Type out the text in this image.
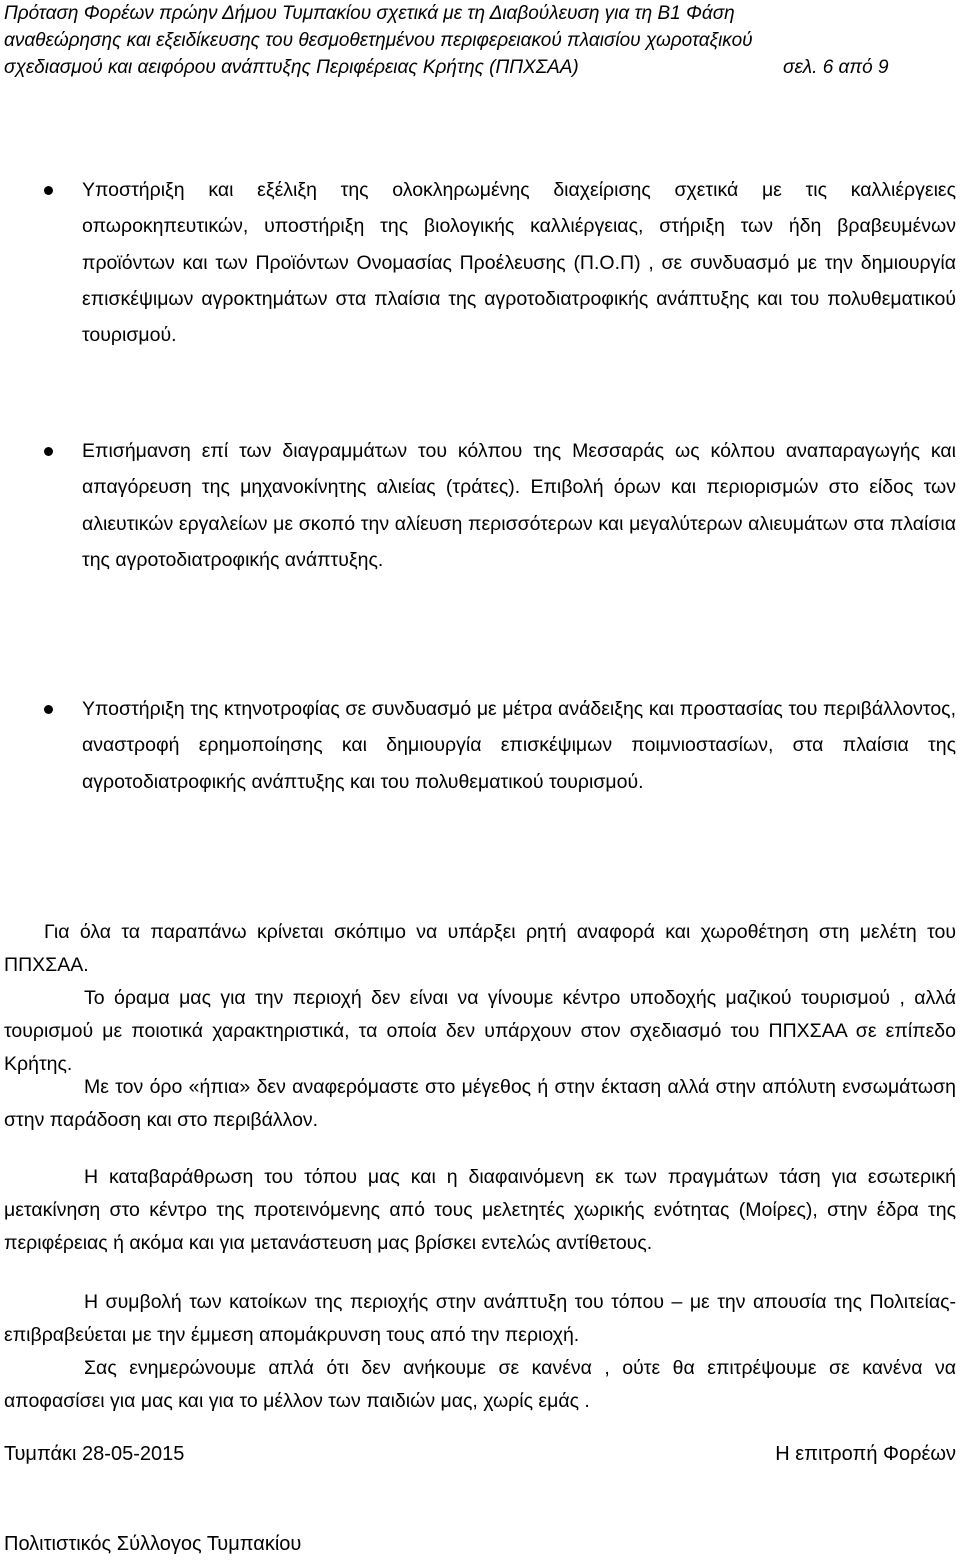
Πρόταση Φορέων πρώην Δήμου Τυμπακίου σχετικά με τη Διαβούλευση για τη Β1 Φάση
αναθεώρησης και εξειδίκευσης του θεσμοθετημένου περιφερειακού πλαισίου χωροταξικού
σχεδιασμού και αειφόρου ανάπτυξης Περιφέρειας Κρήτης (ΠΠΧΣΑΑ)	σελ. 6 από 9
Υποστήριξη και εξέλιξη της ολοκληρωμένης διαχείρισης σχετικά με τις καλλιέργειες οπωροκηπευτικών, υποστήριξη της βιολογικής καλλιέργειας, στήριξη των ήδη βραβευμένων προϊόντων και των Προϊόντων Ονομασίας Προέλευσης (Π.Ο.Π) , σε συνδυασμό με την δημιουργία επισκέψιμων αγροκτημάτων στα πλαίσια της αγροτοδιατροφικής ανάπτυξης και του πολυθεματικού τουρισμού.
Επισήμανση επί των διαγραμμάτων του κόλπου της Μεσσαράς ως κόλπου αναπαραγωγής και απαγόρευση της μηχανοκίνητης αλιείας (τράτες). Επιβολή όρων και περιορισμών στο είδος των αλιευτικών εργαλείων με σκοπό την αλίευση περισσότερων και μεγαλύτερων αλιευμάτων στα πλαίσια της αγροτοδιατροφικής ανάπτυξης.
Υποστήριξη της κτηνοτροφίας σε συνδυασμό με μέτρα ανάδειξης και προστασίας του περιβάλλοντος, αναστροφή ερημοποίησης και δημιουργία επισκέψιμων ποιμνιοστασίων, στα πλαίσια της αγροτοδιατροφικής ανάπτυξης και του πολυθεματικού τουρισμού.
Για όλα τα παραπάνω κρίνεται σκόπιμο να υπάρξει ρητή αναφορά και χωροθέτηση στη μελέτη του ΠΠΧΣΑΑ.
Το όραμα μας για την περιοχή δεν είναι να γίνουμε κέντρο υποδοχής μαζικού τουρισμού , αλλά τουρισμού με ποιοτικά χαρακτηριστικά, τα οποία δεν υπάρχουν στον σχεδιασμό του ΠΠΧΣΑΑ σε επίπεδο Κρήτης.
Με τον όρο «ήπια» δεν αναφερόμαστε στο μέγεθος ή στην έκταση αλλά στην απόλυτη ενσωμάτωση στην παράδοση και στο περιβάλλον.
Η καταβαράθρωση του τόπου μας και η διαφαινόμενη εκ των πραγμάτων τάση για εσωτερική μετακίνηση στο κέντρο της προτεινόμενης από τους μελετητές χωρικής ενότητας (Μοίρες), στην έδρα της περιφέρειας ή ακόμα και για μετανάστευση μας βρίσκει εντελώς αντίθετους.
Η συμβολή των κατοίκων της περιοχής στην ανάπτυξη του τόπου – με την απουσία της Πολιτείας- επιβραβεύεται με την έμμεση απομάκρυνση τους από την περιοχή.
Σας ενημερώνουμε απλά ότι δεν ανήκουμε σε κανένα , ούτε θα επιτρέψουμε σε κανένα να αποφασίσει για μας και για το μέλλον των παιδιών μας, χωρίς εμάς .
Τυμπάκι 28-05-2015	Η επιτροπή Φορέων
Πολιτιστικός Σύλλογος Τυμπακίου
